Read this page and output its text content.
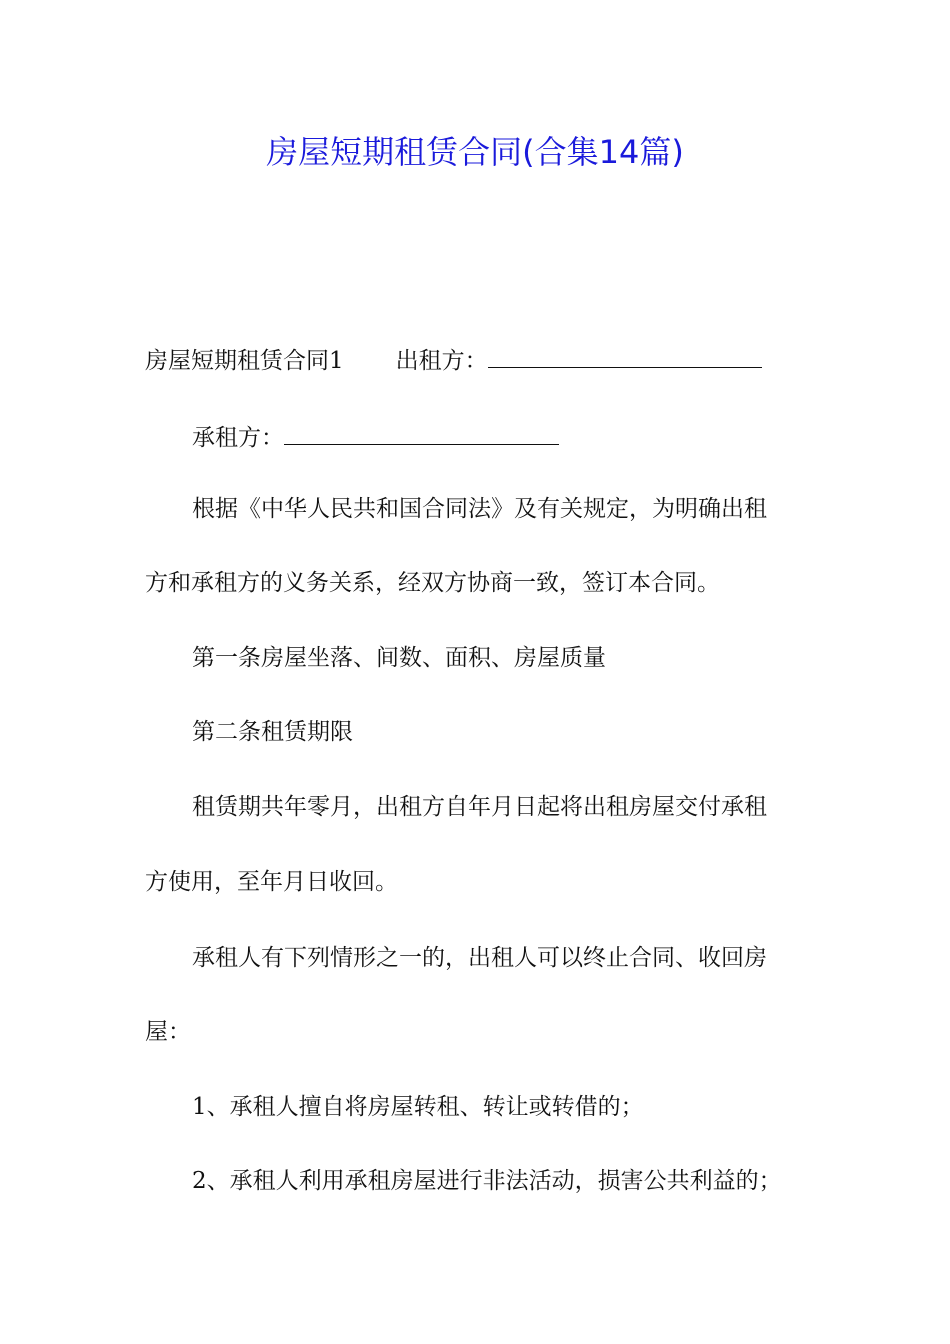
房屋短期租赁合同(合集14篇)
房屋短期租赁合同1 出租方：
承租方：
根据《中华人民共和国合同法》及有关规定，为明确出租
方和承租方的义务关系，经双方协商一致，签订本合同。
第一条房屋坐落、间数、面积、房屋质量
第二条租赁期限
租赁期共年零月，出租方自年月日起将出租房屋交付承租
方使用，至年月日收回。
承租人有下列情形之一的，出租人可以终止合同、收回房
屋：
1、承租人擅自将房屋转租、转让或转借的；
2、承租人利用承租房屋进行非法活动，损害公共利益的；
